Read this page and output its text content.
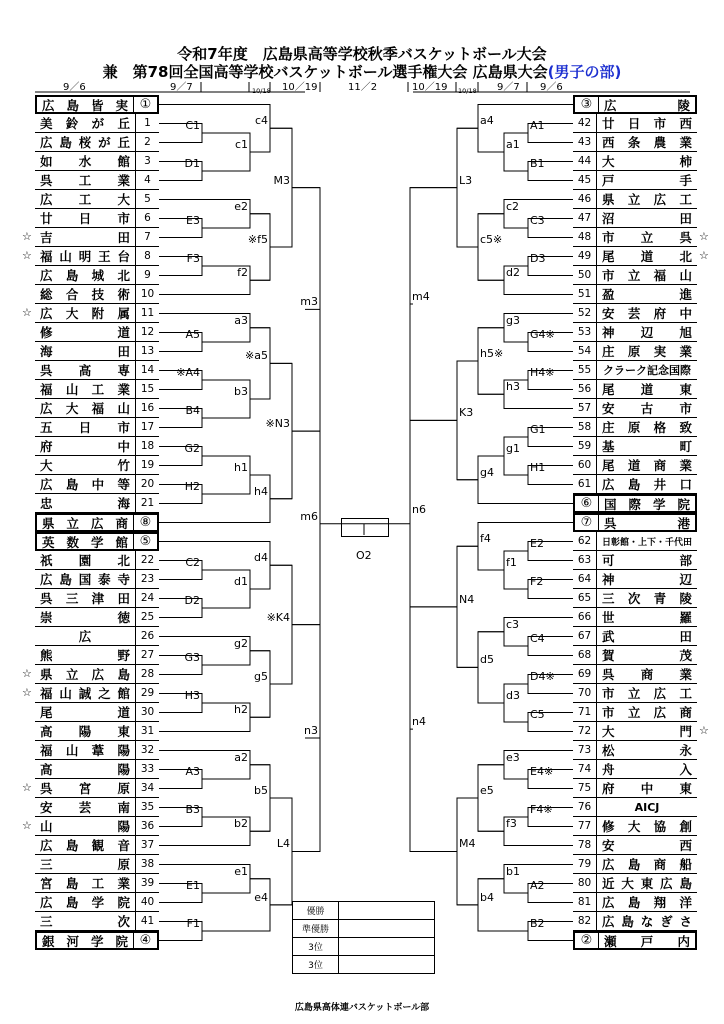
令和7年度　広島県高等学校秋季バスケットボール大会
兼　第78回全国高等学校バスケットボール選手権大会 広島県大会(男子の部)
9／6	9／7	10/18 10／19	11／2	10／19 10/18 9／7 9／6
広 島 皆 実 ①
美 鈴 が 丘	1
広 島 桜 が 丘	2
如 水 館	3
呉 工 業	4
広 工 大	5
廿 日 市	6
吉	田	7
☆
福 山 明 王 台	8
☆
広 島 城 北	9
総 合 技 術	10
広 大 附 属	11
☆
修	道	12
海	田	13
呉 高 専	14
福 山 工 業	15
広 大 福 山	16
五 日 市	17
府	中	18
大	竹	19
広 島 中 等	20
忠	海	21
県 立 広 商 ⑧
英 数 学 館 ⑤
祇 園 北	22
広 島 国 泰 寺	23
呉 三 津 田	24
崇	徳	25
広	26
熊	野	27
県 立 広 島	28
☆
福 山 誠 之 館	29
☆
尾	道	30
高 陽 東	31
福 山 葦 陽	32
高	陽	33
呉 宮 原	34
☆
安 芸 南	35
山	陽	36
☆
広 島 観 音	37
三	原	38
宮 島 工 業	39
広 島 学 院	40
三	次	41
銀 河 学 院 ④
③ 広	陵
42 廿 日 市 西
43 西 条 農 業
44 大	柿
45 戸	手
46 県 立 広 工
47 沼	田
48 市 立 呉 ☆
49 尾 道 北 ☆
50 市 立 福 山
51 盈	進
52 安 芸 府 中
53 神 辺 旭
54 庄 原 実 業
55	クラーク記念国際
56 尾 道 東
57 安 古 市
58 庄 原 格 致
59 基	町
60 尾 道 商 業
61 広 島 井 口
⑥ 国 際 学 院
⑦ 呉	港
62	日彰館・上下・千代田
63 可	部
64 神	辺
65 三 次 青 陵
66 世	羅
67 武	田
68 賀	茂
69 呉 商 業
70 市 立 広 工
71 市 立 広 商
72 大	門 ☆
73 松	永
74 舟	入
75 府 中 東
76	AICJ
77 修 大 協 創
78 安	西
79 広 島 商 船
80 近 大 東 広 島
81 広 島 翔 洋
82 広 島 な ぎ さ
② 瀬 戸 内
C1
D1
c1
c4
E3
F3
e2
f2
※f5
M3
A5
※A4
B4
a3
b3
※a5
G2
H2
h1
h4
※N3
m3
C2
D2
d1
d4
G3
H3
g2
h2
g5
※K4
A3
B3
a2
b2
b5
E1
F1
e1
e4
L4
n3
A1
B1
a1
a4
C3
D3
c2
d2
c5※
L3
G4※
H4※
g3
h3
h5※
G1
H1
g1
g4
K3
m4
E2
F2
f1
f4
C4
D4※
C5
c3
d3
d5
N4
E4※
F4※
e3
f3
e5
A2
B2
b1
b4
M4
n4
m6
n6
O2
優勝	
準優勝	
3位	
3位	
広島県高体連バスケットボール部
